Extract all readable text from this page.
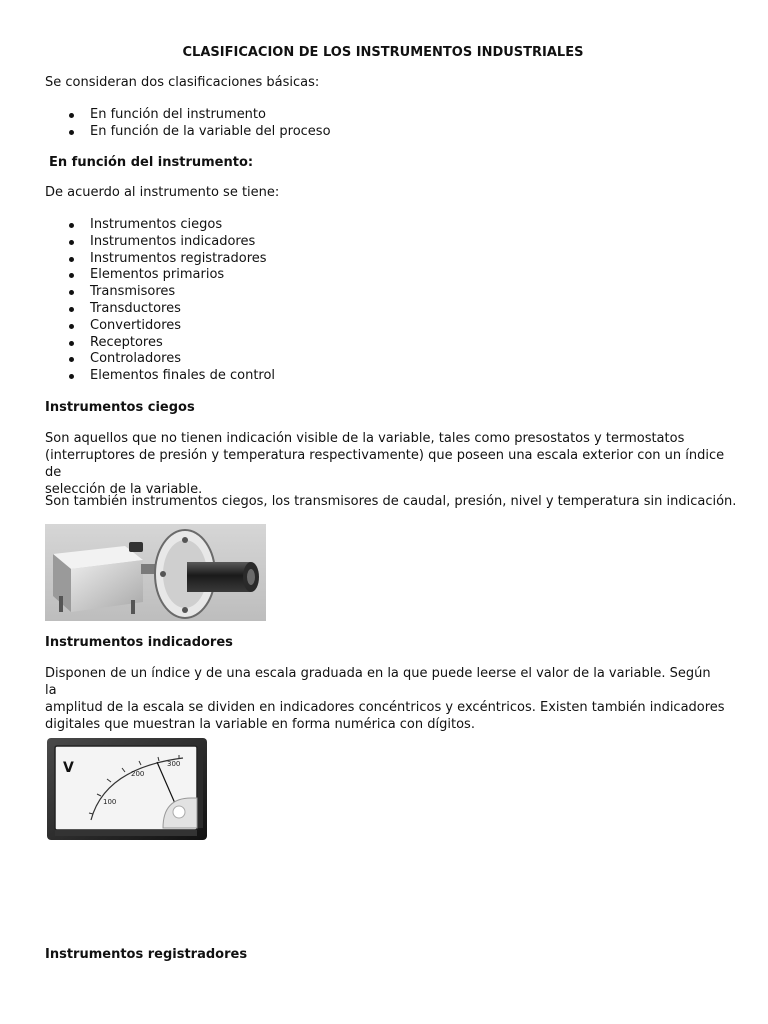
CLASIFICACION DE LOS INSTRUMENTOS INDUSTRIALES
Se consideran dos clasificaciones básicas:
En función del instrumento
En función de la variable del proceso
En función del instrumento:
De acuerdo al instrumento se tiene:
Instrumentos ciegos
Instrumentos indicadores
Instrumentos registradores
Elementos primarios
Transmisores
Transductores
Convertidores
Receptores
Controladores
Elementos finales de control
Instrumentos ciegos
Son aquellos que no tienen indicación visible de la variable, tales como presostatos y termostatos
(interruptores de presión y temperatura respectivamente) que poseen una escala exterior con un índice de
selección de la variable.
Son también instrumentos ciegos, los transmisores de caudal, presión, nivel y temperatura sin indicación.
Instrumentos indicadores
Disponen de un índice y de una escala graduada en la que puede leerse el valor de la variable. Según la
amplitud de la escala se dividen en indicadores concéntricos y excéntricos. Existen también indicadores
digitales que muestran la variable en forma numérica con dígitos.
V
100
200
300
Instrumentos registradores
